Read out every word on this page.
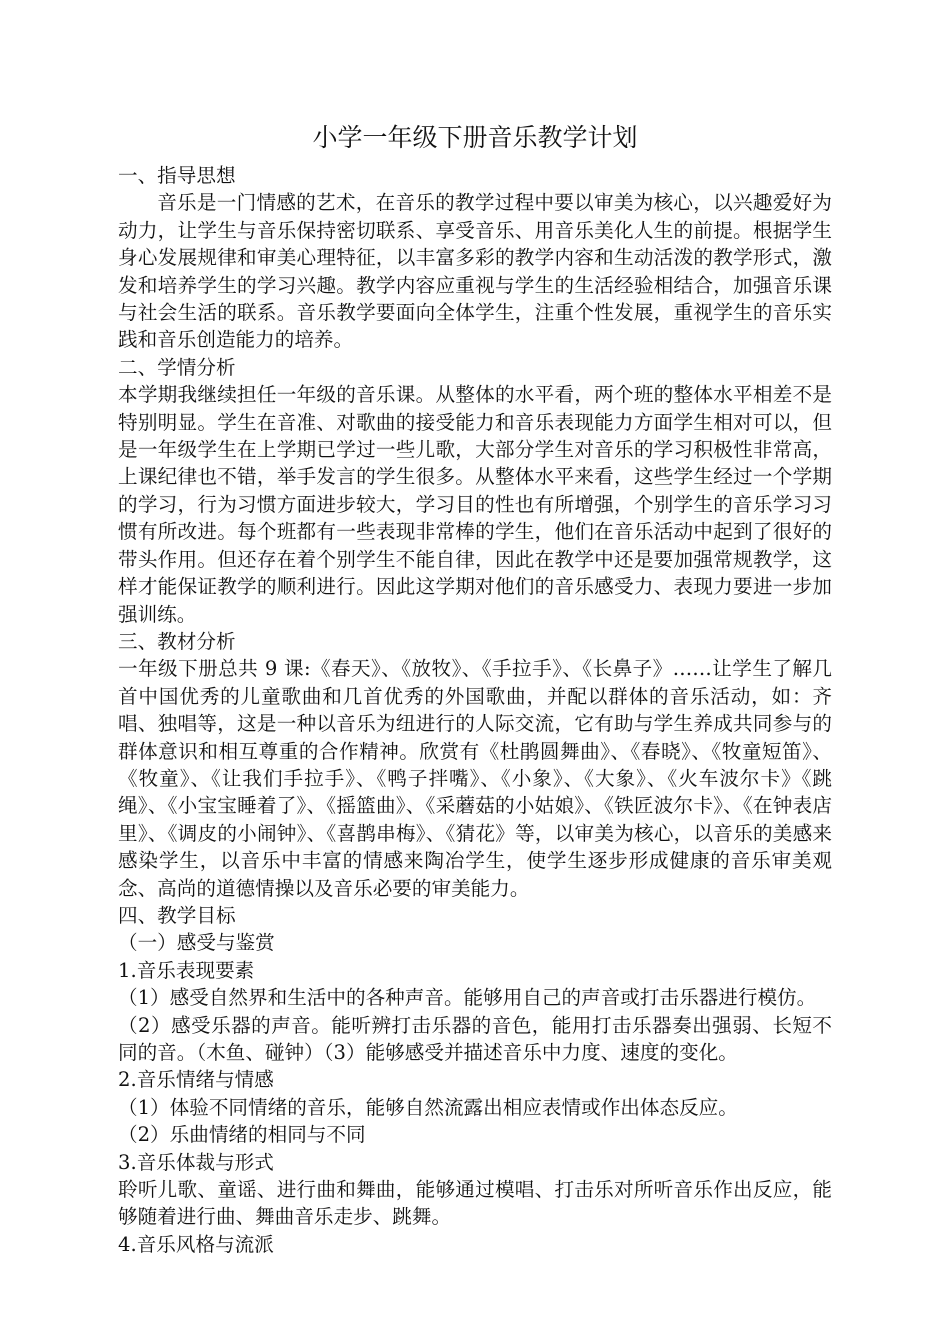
小学一年级下册音乐教学计划

一、指导思想

音乐是一门情感的艺术，在音乐的教学过程中要以审美为核心，以兴趣爱好为动力，让学生与音乐保持密切联系、享受音乐、用音乐美化人生的前提。根据学生身心发展规律和审美心理特征，以丰富多彩的教学内容和生动活泼的教学形式，激发和培养学生的学习兴趣。教学内容应重视与学生的生活经验相结合，加强音乐课与社会生活的联系。音乐教学要面向全体学生，注重个性发展，重视学生的音乐实践和音乐创造能力的培养。

二、学情分析

本学期我继续担任一年级的音乐课。从整体的水平看，两个班的整体水平相差不是特别明显。学生在音准、对歌曲的接受能力和音乐表现能力方面学生相对可以，但是一年级学生在上学期已学过一些儿歌，大部分学生对音乐的学习积极性非常高，上课纪律也不错，举手发言的学生很多。从整体水平来看，这些学生经过一个学期的学习，行为习惯方面进步较大，学习目的性也有所增强，个别学生的音乐学习习惯有所改进。每个班都有一些表现非常棒的学生，他们在音乐活动中起到了很好的带头作用。但还存在着个别学生不能自律，因此在教学中还是要加强常规教学，这样才能保证教学的顺利进行。因此这学期对他们的音乐感受力、表现力要进一步加强训练。

三、教材分析

一年级下册总共 9 课:《春天》、《放牧》、《手拉手》、《长鼻子》……让学生了解几首中国优秀的儿童歌曲和几首优秀的外国歌曲，并配以群体的音乐活动，如：齐唱、独唱等，这是一种以音乐为纽进行的人际交流，它有助与学生养成共同参与的群体意识和相互尊重的合作精神。欣赏有《杜鹃圆舞曲》、《春晓》、《牧童短笛》、《牧童》、《让我们手拉手》、《鸭子拌嘴》、《小象》、《大象》、《火车波尔卡》《跳绳》、《小宝宝睡着了》、《摇篮曲》、《采蘑菇的小姑娘》、《铁匠波尔卡》、《在钟表店里》、《调皮的小闹钟》、《喜鹊串梅》、《猜花》等，以审美为核心，以音乐的美感来感染学生，以音乐中丰富的情感来陶冶学生，使学生逐步形成健康的音乐审美观念、高尚的道德情操以及音乐必要的审美能力。

四、教学目标

（一）感受与鉴赏

1.音乐表现要素

（1）感受自然界和生活中的各种声音。能够用自己的声音或打击乐器进行模仿。

（2）感受乐器的声音。能听辨打击乐器的音色，能用打击乐器奏出强弱、长短不同的音。（木鱼、碰钟）（3）能够感受并描述音乐中力度、速度的变化。

2.音乐情绪与情感

（1）体验不同情绪的音乐，能够自然流露出相应表情或作出体态反应。

（2）乐曲情绪的相同与不同

3.音乐体裁与形式

聆听儿歌、童谣、进行曲和舞曲，能够通过模唱、打击乐对所听音乐作出反应，能够随着进行曲、舞曲音乐走步、跳舞。

4.音乐风格与流派
